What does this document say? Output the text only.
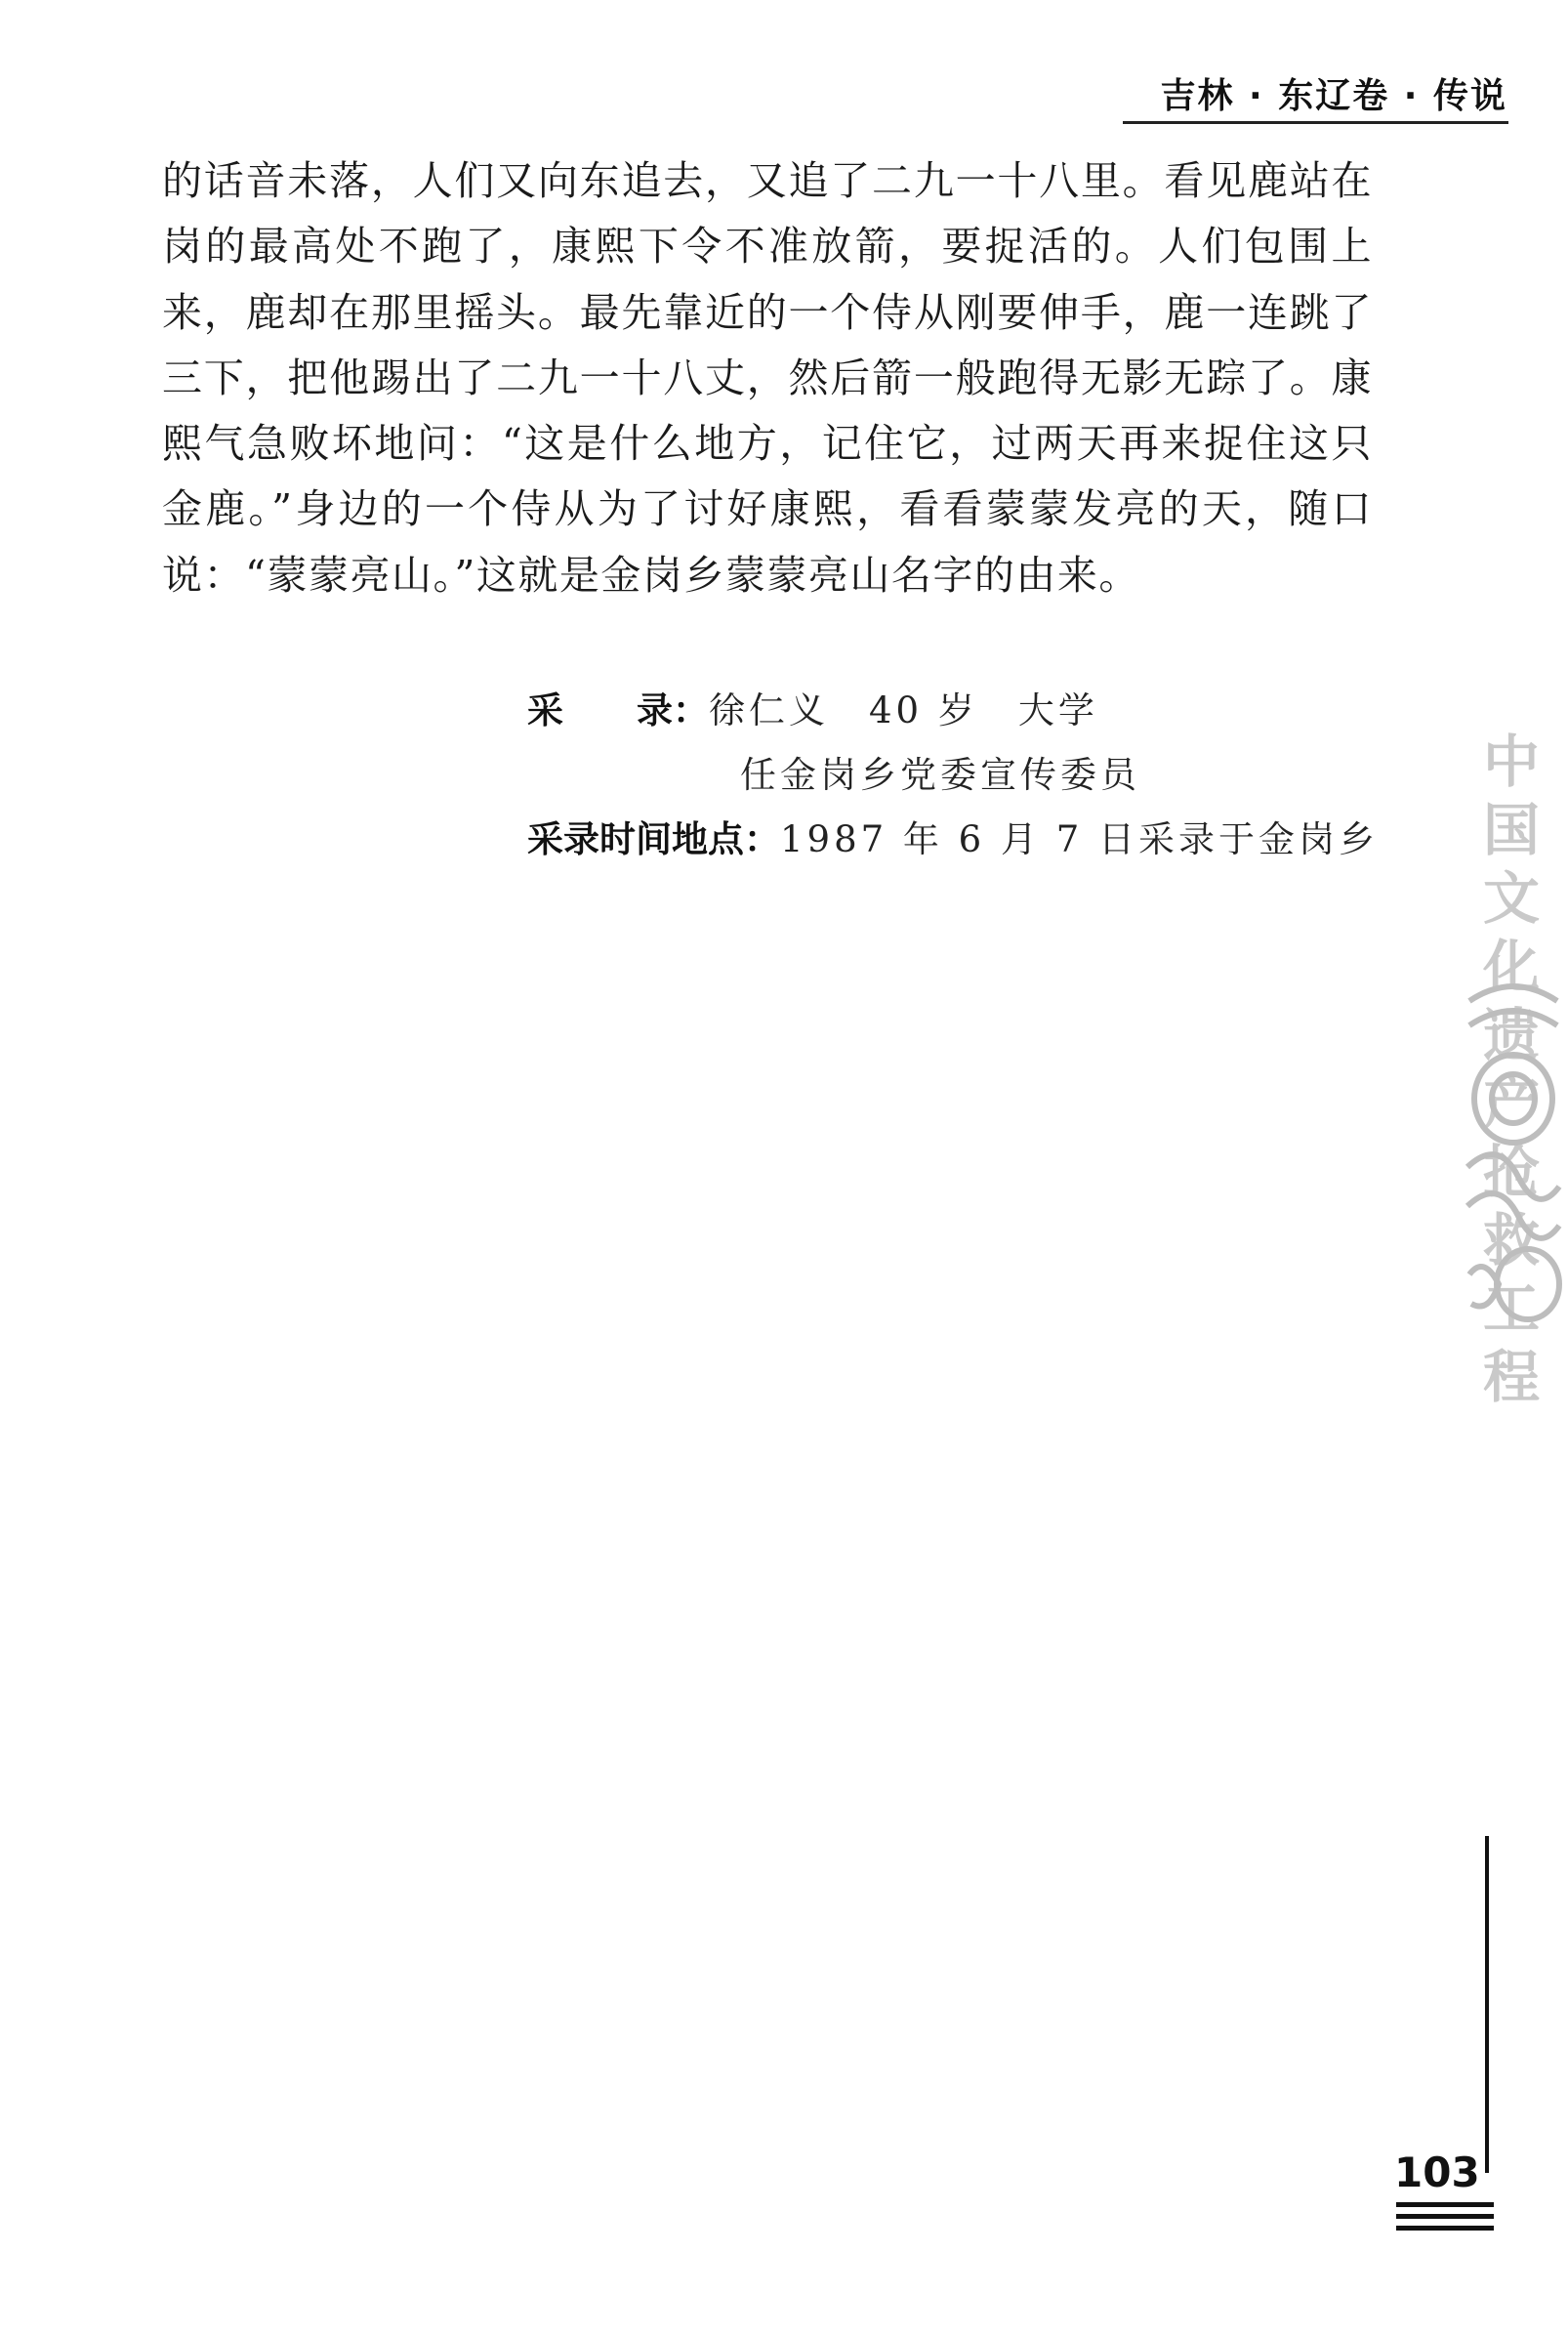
吉林 · 东辽卷 · 传说

的话音未落，人们又向东追去，又追了二九一十八里。看见鹿站在岗的最高处不跑了，康熙下令不准放箭，要捉活的。人们包围上来，鹿却在那里摇头。最先靠近的一个侍从刚要伸手，鹿一连跳了三下，把他踢出了二九一十八丈，然后箭一般跑得无影无踪了。康熙气急败坏地问：“这是什么地方，记住它，过两天再来捉住这只金鹿。”身边的一个侍从为了讨好康熙，看看蒙蒙发亮的天，随口说：“蒙蒙亮山。”这就是金岗乡蒙蒙亮山名字的由来。

采 录： 徐仁义　40 岁　大学
任金岗乡党委宣传委员
采录时间地点： 1987 年 6 月 7 日采录于金岗乡
中国文化遗产抢救工程
103
